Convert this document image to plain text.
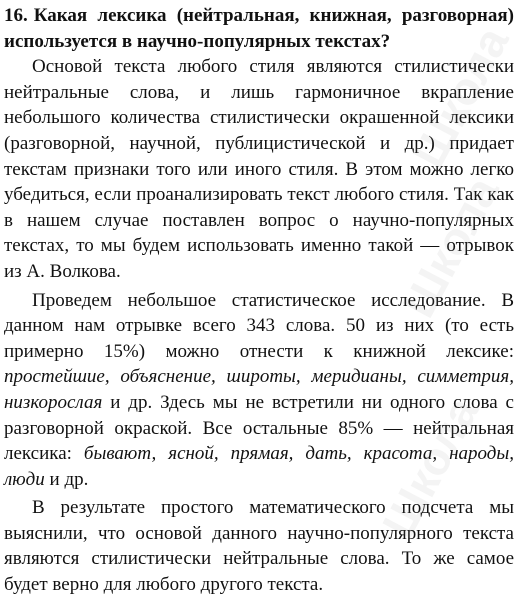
16. Какая лексика (нейтральная, книжная, разговорная) используется в научно-популярных текстах?

Основой текста любого стиля являются стилистически нейтральные слова, и лишь гармоничное вкрапление небольшого количества стилистически окрашенной лексики (разговорной, научной, публицистической и др.) придает текстам признаки того или иного стиля. В этом можно легко убедиться, если проанализировать текст любого стиля. Так как в нашем случае поставлен вопрос о научно-популярных текстах, то мы будем использовать именно такой — отрывок из А. Волкова.

Проведем небольшое статистическое исследование. В данном нам отрывке всего 343 слова. 50 из них (то есть примерно 15%) можно отнести к книжной лексике: простейшие, объяснение, широты, меридианы, симметрия, низкорослая и др. Здесь мы не встретили ни одного слова с разговорной окраской. Все остальные 85% — нейтральная лексика: бывают, ясной, прямая, дать, красота, народы, люди и др.

В результате простого математического подсчета мы выяснили, что основой данного научно-популярного текста являются стилистически нейтральные слова. То же самое будет верно для любого другого текста.

Школа
Школа
Школа
